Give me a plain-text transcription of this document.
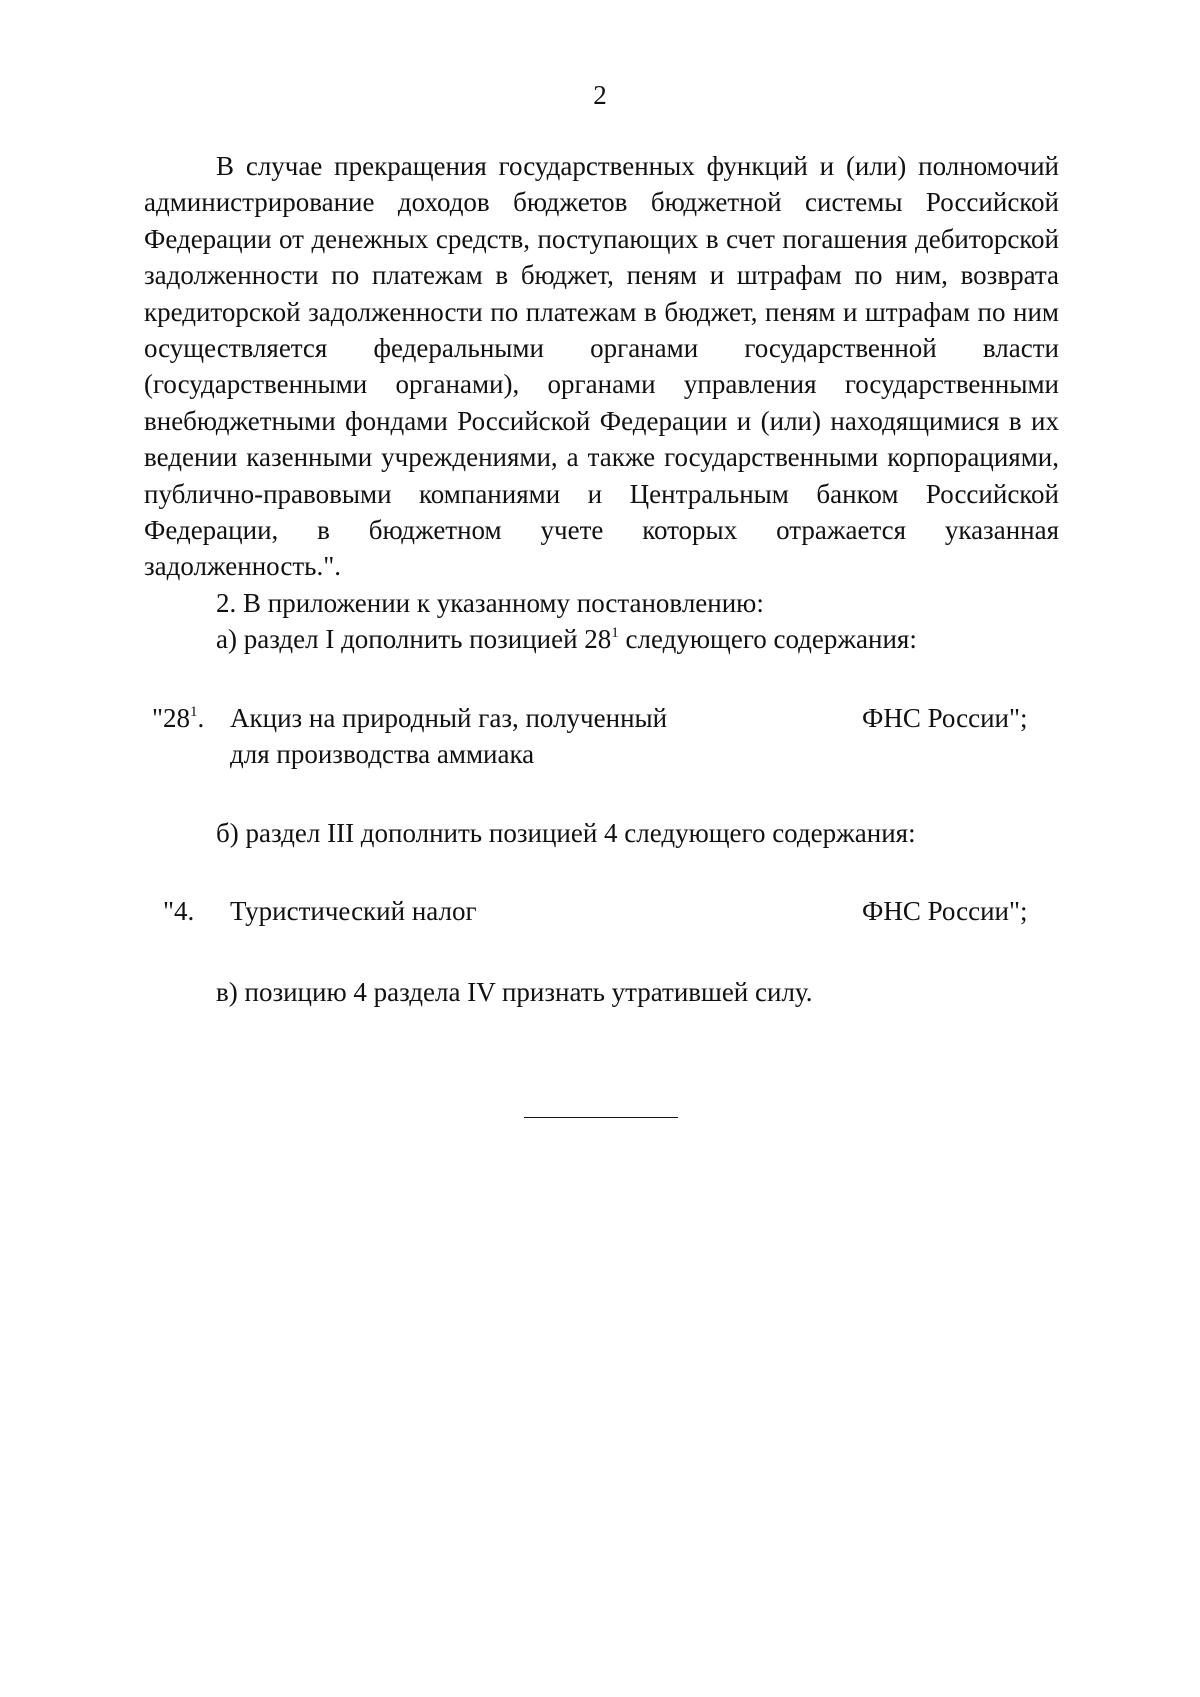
2

В случае прекращения государственных функций и (или) полномочий администрирование доходов бюджетов бюджетной системы Российской Федерации от денежных средств, поступающих в счет погашения дебиторской задолженности по платежам в бюджет, пеням и штрафам по ним, возврата кредиторской задолженности по платежам в бюджет, пеням и штрафам по ним осуществляется федеральными органами государственной власти (государственными органами), органами управления государственными внебюджетными фондами Российской Федерации и (или) находящимися в их ведении казенными учреждениями, а также государственными корпорациями, публично-правовыми компаниями и Центральным банком Российской Федерации, в бюджетном учете которых отражается указанная задолженность.".

2. В приложении к указанному постановлению:

а) раздел I дополнить позицией $28^1$ следующего содержания:

"$28^1$. Акциз на природный газ, полученный
для производства аммиака
ФНС России";
б) раздел III дополнить позицией 4 следующего содержания:
"4. Туристический налог	ФНС России";
в) позицию 4 раздела IV признать утратившей силу.
